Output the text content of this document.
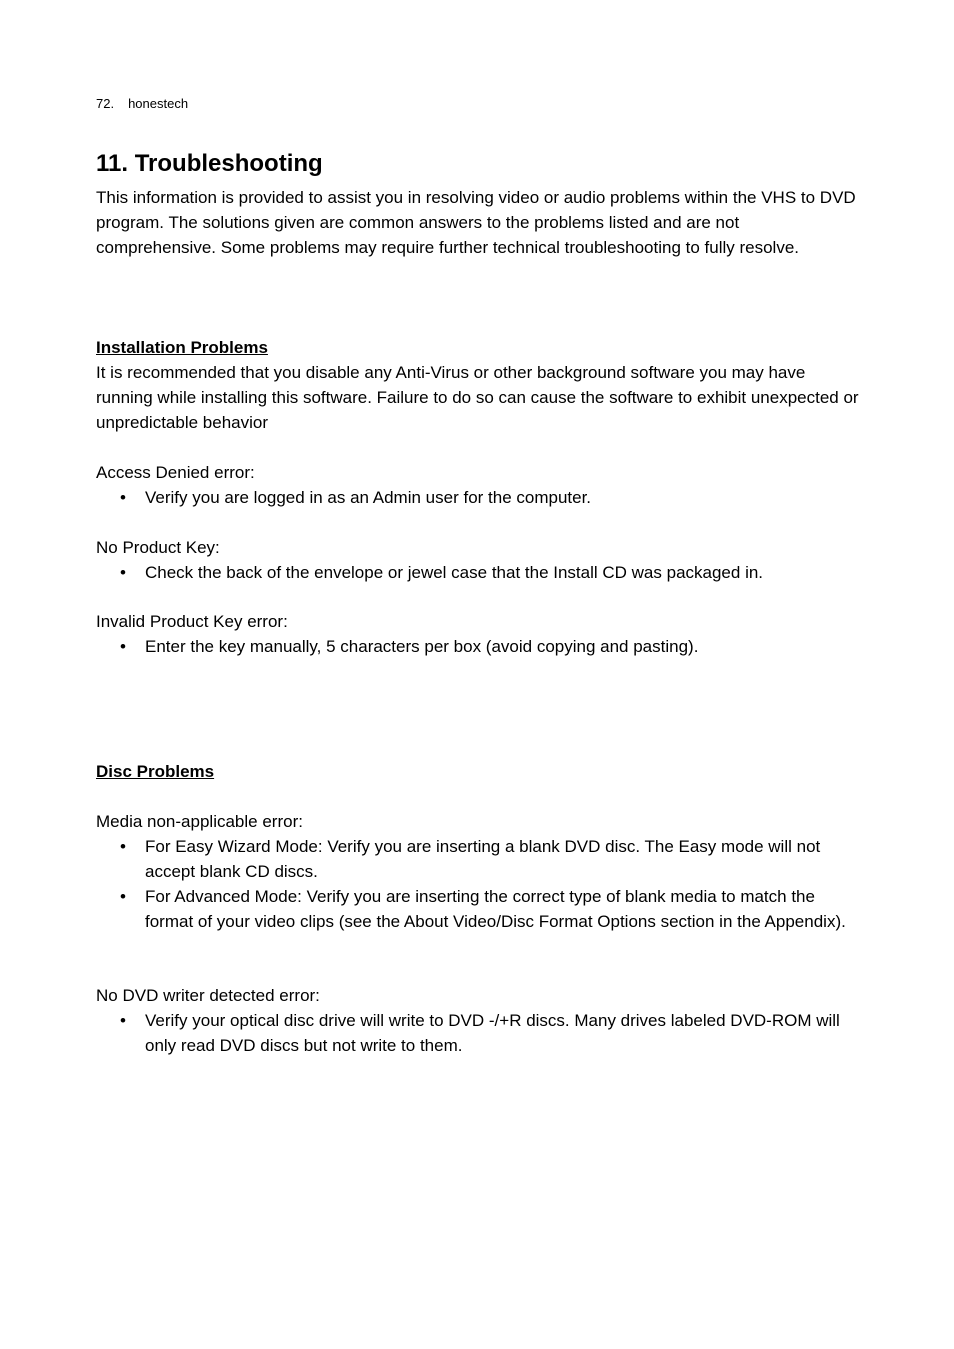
72. honestech
11. Troubleshooting

This information is provided to assist you in resolving video or audio problems within the VHS to DVD program. The solutions given are common answers to the problems listed and are not comprehensive. Some problems may require further technical troubleshooting to fully resolve.

Installation Problems

It is recommended that you disable any Anti-Virus or other background software you may have running while installing this software. Failure to do so can cause the software to exhibit unexpected or unpredictable behavior

Access Denied error:

• Verify you are logged in as an Admin user for the computer.

No Product Key:

• Check the back of the envelope or jewel case that the Install CD was packaged in.

Invalid Product Key error:

• Enter the key manually, 5 characters per box (avoid copying and pasting).

Disc Problems

Media non-applicable error:

• For Easy Wizard Mode: Verify you are inserting a blank DVD disc. The Easy mode will not accept blank CD discs.
• For Advanced Mode: Verify you are inserting the correct type of blank media to match the format of your video clips (see the About Video/Disc Format Options section in the Appendix).

No DVD writer detected error:

• Verify your optical disc drive will write to DVD -/+R discs. Many drives labeled DVD-ROM will only read DVD discs but not write to them.
